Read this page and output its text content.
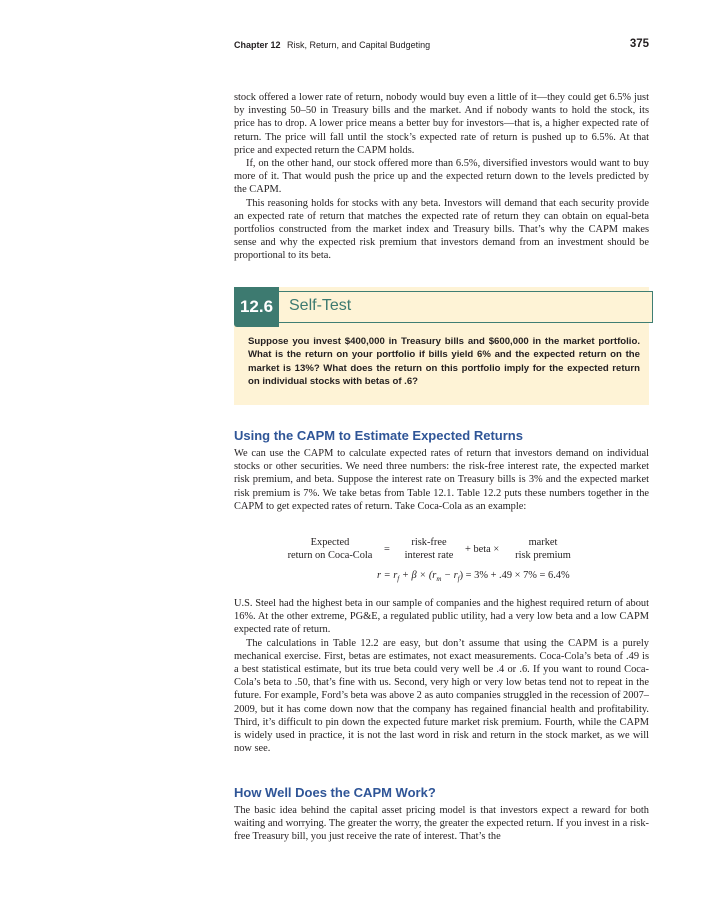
Chapter 12 Risk, Return, and Capital Budgeting	375

stock offered a lower rate of return, nobody would buy even a little of it—they could get 6.5% just by investing 50–50 in Treasury bills and the market. And if nobody wants to hold the stock, its price has to drop. A lower price means a better buy for investors—that is, a higher expected rate of return. The price will fall until the stock’s expected rate of return is pushed up to 6.5%. At that price and expected return the CAPM holds.

If, on the other hand, our stock offered more than 6.5%, diversified investors would want to buy more of it. That would push the price up and the expected return down to the levels predicted by the CAPM.

This reasoning holds for stocks with any beta. Investors will demand that each security provide an expected rate of return that matches the expected rate of return they can obtain on equal-beta portfolios constructed from the market index and Treasury bills. That’s why the CAPM makes sense and why the expected risk premium that investors demand from an investment should be proportional to its beta.

12.6 Self-Test

Suppose you invest $400,000 in Treasury bills and $600,000 in the market portfolio. What is the return on your portfolio if bills yield 6% and the expected return on the market is 13%? What does the return on this portfolio imply for the expected return on individual stocks with betas of .6?

Using the CAPM to Estimate Expected Returns

We can use the CAPM to calculate expected rates of return that investors demand on individual stocks or other securities. We need three numbers: the risk-free interest rate, the expected market risk premium, and beta. Suppose the interest rate on Treasury bills is 3% and the expected market risk premium is 7%. We take betas from Table 12.1. Table 12.2 puts these numbers together in the CAPM to get expected rates of return. Take Coca-Cola as an example:

Expected
return on Coca-Cola
=
risk-free
interest rate
+ beta ×
market
risk premium
$r = r_f + \beta \times (r_m - r_f) = 3\% + .49 \times 7\% = 6.4\%$

U.S. Steel had the highest beta in our sample of companies and the highest required return of about 16%. At the other extreme, PG&E, a regulated public utility, had a very low beta and a low CAPM expected rate of return.

The calculations in Table 12.2 are easy, but don’t assume that using the CAPM is a purely mechanical exercise. First, betas are estimates, not exact measurements. Coca-Cola’s beta of .49 is a best statistical estimate, but its true beta could very well be .4 or .6. If you want to round Coca-Cola’s beta to .50, that’s fine with us. Second, very high or very low betas tend not to repeat in the future. For example, Ford’s beta was above 2 as auto companies struggled in the recession of 2007–2009, but it has come down now that the company has regained financial health and profitability. Third, it’s difficult to pin down the expected future market risk premium. Fourth, while the CAPM is widely used in practice, it is not the last word in risk and return in the stock market, as we will now see.

How Well Does the CAPM Work?

The basic idea behind the capital asset pricing model is that investors expect a reward for both waiting and worrying. The greater the worry, the greater the expected return. If you invest in a risk-free Treasury bill, you just receive the rate of interest. That’s the
